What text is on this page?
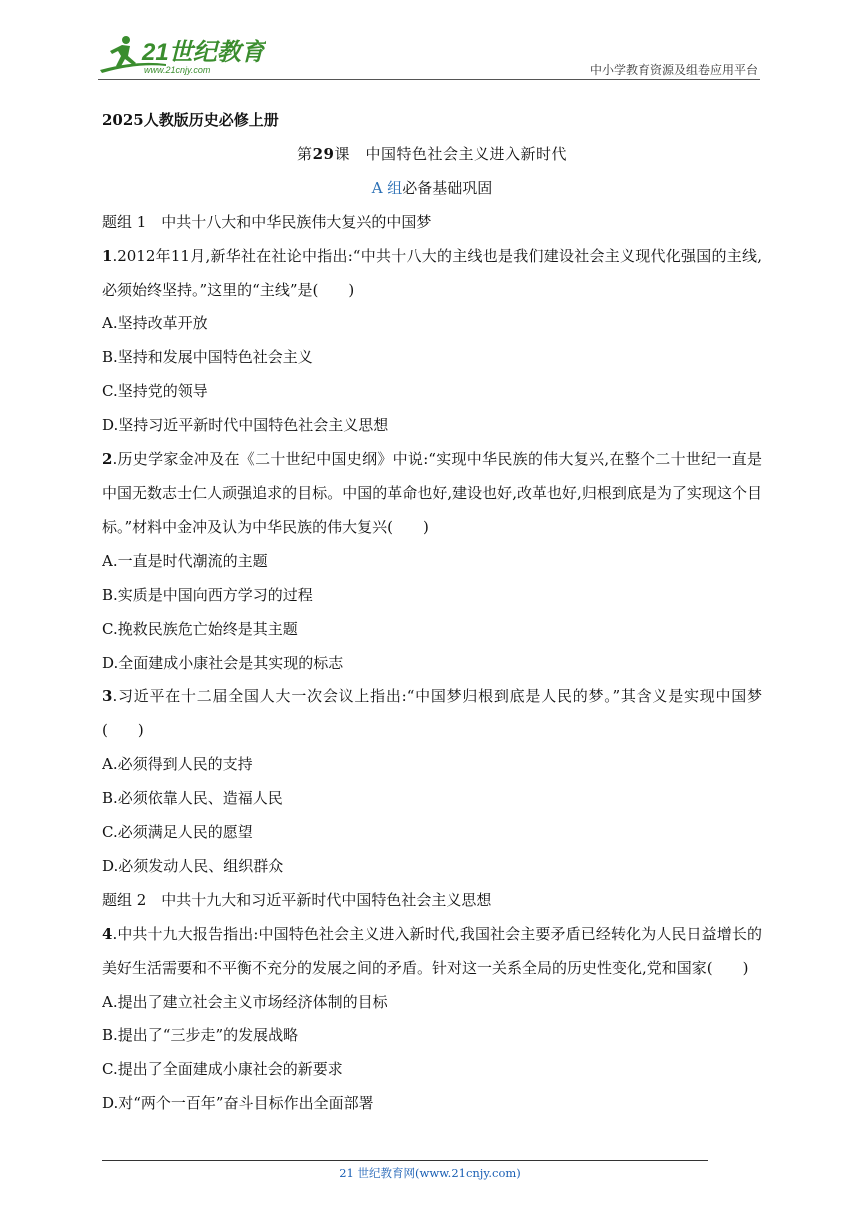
21世纪教育
www.21cnjy.com	中小学教育资源及组卷应用平台

2025人教版历史必修上册

第29课　中国特色社会主义进入新时代

A 组必备基础巩固

题组 1　中共十八大和中华民族伟大复兴的中国梦

1.2012年11月,新华社在社论中指出:“中共十八大的主线也是我们建设社会主义现代化强国的主线,必须始终坚持。”这里的“主线”是(　　)

A.坚持改革开放

B.坚持和发展中国特色社会主义

C.坚持党的领导

D.坚持习近平新时代中国特色社会主义思想

2.历史学家金冲及在《二十世纪中国史纲》中说:“实现中华民族的伟大复兴,在整个二十世纪一直是中国无数志士仁人顽强追求的目标。中国的革命也好,建设也好,改革也好,归根到底是为了实现这个目标。”材料中金冲及认为中华民族的伟大复兴(　　)

A.一直是时代潮流的主题

B.实质是中国向西方学习的过程

C.挽救民族危亡始终是其主题

D.全面建成小康社会是其实现的标志

3.习近平在十二届全国人大一次会议上指出:“中国梦归根到底是人民的梦。”其含义是实现中国梦(　　)

A.必须得到人民的支持

B.必须依靠人民、造福人民

C.必须满足人民的愿望

D.必须发动人民、组织群众

题组 2　中共十九大和习近平新时代中国特色社会主义思想

4.中共十九大报告指出:中国特色社会主义进入新时代,我国社会主要矛盾已经转化为人民日益增长的美好生活需要和不平衡不充分的发展之间的矛盾。针对这一关系全局的历史性变化,党和国家(　　)

A.提出了建立社会主义市场经济体制的目标

B.提出了“三步走”的发展战略

C.提出了全面建成小康社会的新要求

D.对“两个一百年”奋斗目标作出全面部署

21 世纪教育网(www.21cnjy.com)
